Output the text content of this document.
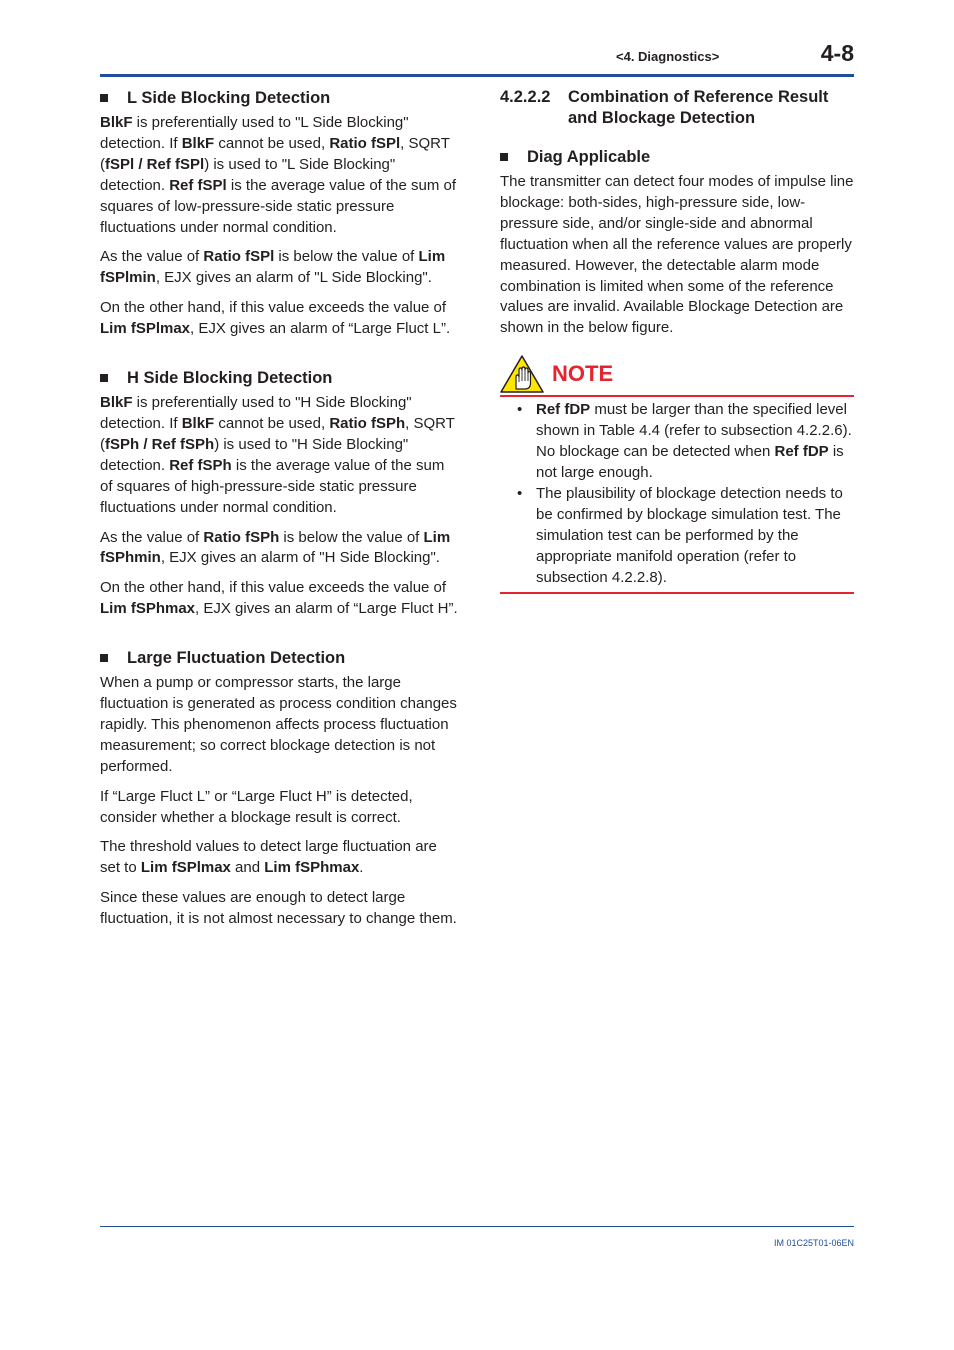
<4. Diagnostics>	4-8
L Side Blocking Detection

BlkF is preferentially used to "L Side Blocking" detection. If BlkF cannot be used, Ratio fSPl, SQRT (fSPl / Ref fSPl) is used to "L Side Blocking" detection. Ref fSPl is the average value of the sum of squares of low-pressure-side static pressure fluctuations under normal condition.

As the value of Ratio fSPl is below the value of Lim fSPlmin, EJX gives an alarm of "L Side Blocking".

On the other hand, if this value exceeds the value of Lim fSPlmax, EJX gives an alarm of “Large Fluct L”.

H Side Blocking Detection

BlkF is preferentially used to "H Side Blocking" detection. If BlkF cannot be used, Ratio fSPh, SQRT (fSPh / Ref fSPh) is used to "H Side Blocking" detection. Ref fSPh is the average value of the sum of squares of high-pressure-side static pressure fluctuations under normal condition.

As the value of Ratio fSPh is below the value of Lim fSPhmin, EJX gives an alarm of "H Side Blocking".

On the other hand, if this value exceeds the value of Lim fSPhmax, EJX gives an alarm of “Large Fluct H”.

Large Fluctuation Detection

When a pump or compressor starts, the large fluctuation is generated as process condition changes rapidly. This phenomenon affects process fluctuation measurement; so correct blockage detection is not performed.

If “Large Fluct L” or “Large Fluct H” is detected, consider whether a blockage result is correct.

The threshold values to detect large fluctuation are set to Lim fSPlmax and Lim fSPhmax.

Since these values are enough to detect large fluctuation, it is not almost necessary to change them.

4.2.2.2	Combination of Reference Result and Blockage Detection
Diag Applicable

The transmitter can detect four modes of impulse line blockage: both-sides, high-pressure side, low-pressure side, and/or single-side and abnormal fluctuation when all the reference values are properly measured. However, the detectable alarm mode combination is limited when some of the reference values are invalid. Available Blockage Detection are shown in the below figure.

NOTE
• Ref fDP must be larger than the specified level shown in Table 4.4 (refer to subsection 4.2.2.6). No blockage can be detected when Ref fDP is not large enough.
• The plausibility of blockage detection needs to be confirmed by blockage simulation test. The simulation test can be performed by the appropriate manifold operation (refer to subsection 4.2.2.8).
IM 01C25T01-06EN
